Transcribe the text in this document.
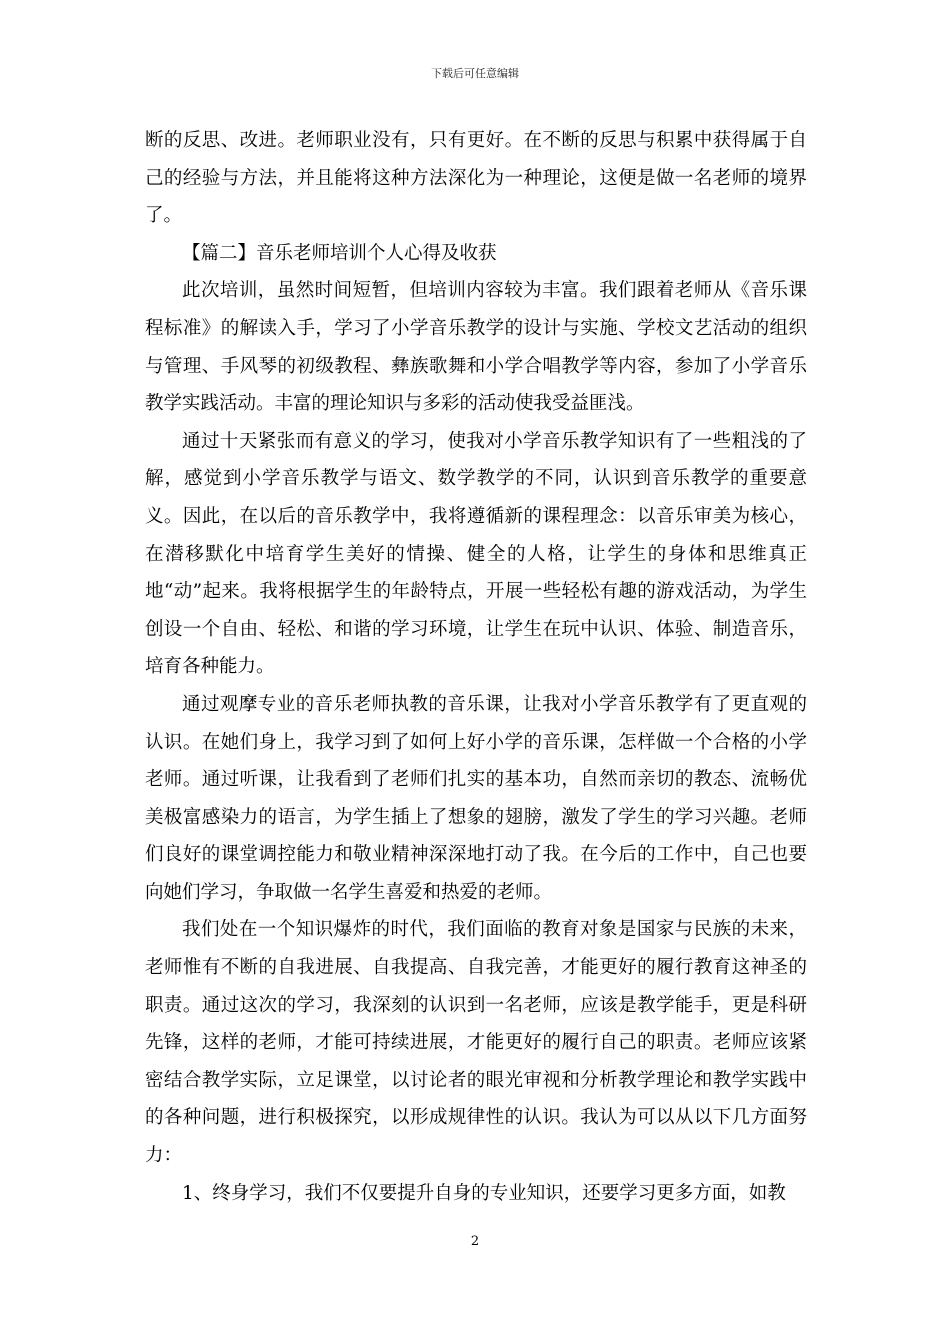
下载后可任意编辑

断的反思、改进。老师职业没有，只有更好。在不断的反思与积累中获得属于自己的经验与方法，并且能将这种方法深化为一种理论，这便是做一名老师的境界了。

【篇二】音乐老师培训个人心得及收获

此次培训，虽然时间短暂，但培训内容较为丰富。我们跟着老师从《音乐课程标准》的解读入手，学习了小学音乐教学的设计与实施、学校文艺活动的组织与管理、手风琴的初级教程、彝族歌舞和小学合唱教学等内容，参加了小学音乐教学实践活动。丰富的理论知识与多彩的活动使我受益匪浅。

通过十天紧张而有意义的学习，使我对小学音乐教学知识有了一些粗浅的了解，感觉到小学音乐教学与语文、数学教学的不同，认识到音乐教学的重要意义。因此，在以后的音乐教学中，我将遵循新的课程理念：以音乐审美为核心，在潜移默化中培育学生美好的情操、健全的人格，让学生的身体和思维真正地“动”起来。我将根据学生的年龄特点，开展一些轻松有趣的游戏活动，为学生创设一个自由、轻松、和谐的学习环境，让学生在玩中认识、体验、制造音乐，培育各种能力。

通过观摩专业的音乐老师执教的音乐课，让我对小学音乐教学有了更直观的认识。在她们身上，我学习到了如何上好小学的音乐课，怎样做一个合格的小学老师。通过听课，让我看到了老师们扎实的基本功，自然而亲切的教态、流畅优美极富感染力的语言，为学生插上了想象的翅膀，激发了学生的学习兴趣。老师们良好的课堂调控能力和敬业精神深深地打动了我。在今后的工作中，自己也要向她们学习，争取做一名学生喜爱和热爱的老师。

我们处在一个知识爆炸的时代，我们面临的教育对象是国家与民族的未来，老师惟有不断的自我进展、自我提高、自我完善，才能更好的履行教育这神圣的职责。通过这次的学习，我深刻的认识到一名老师，应该是教学能手，更是科研先锋，这样的老师，才能可持续进展，才能更好的履行自己的职责。老师应该紧密结合教学实际，立足课堂，以讨论者的眼光审视和分析教学理论和教学实践中的各种问题，进行积极探究，以形成规律性的认识。我认为可以从以下几方面努力：

1、终身学习，我们不仅要提升自身的专业知识，还要学习更多方面，如教

2
